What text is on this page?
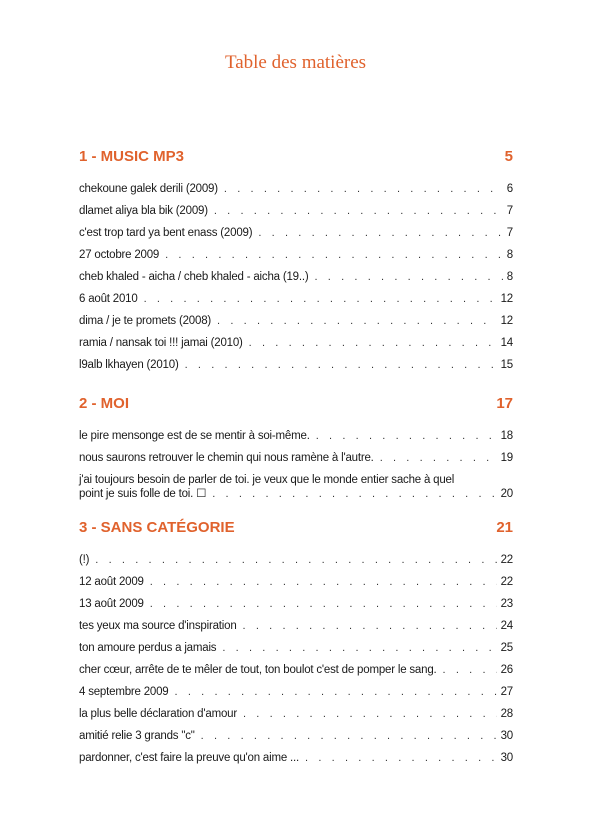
Table des matières
1 - MUSIC MP3	5
chekoune galek derili (2009) . . .	6
dlamet aliya bla bik (2009) . . .	7
c'est trop tard ya bent enass (2009) . . .	7
27 octobre 2009 . . .	8
cheb khaled - aicha / cheb khaled - aicha (19..) . . .	8
6 août 2010 . . .	12
dima / je te promets (2008) . . .	12
ramia / nansak toi !!! jamai (2010) . . .	14
l9alb lkhayen (2010) . . .	15
2 - MOI	17
le pire mensonge est de se mentir à soi-même. . . .	18
nous saurons retrouver le chemin qui nous ramène à l'autre. . . .	19
j'ai toujours besoin de parler de toi. je veux que le monde entier sache à quel
point je suis folle de toi. ☐ . . .	20
3 - SANS CATÉGORIE	21
(!) . . .	22
12 août 2009 . . .	22
13 août 2009 . . .	23
tes yeux ma source d'inspiration . . .	24
ton amoure perdus a jamais . . .	25
cher cœur, arrête de te mêler de tout, ton boulot c'est de pomper le sang. . . .	26
4 septembre 2009 . . .	27
la plus belle déclaration d'amour . . .	28
amitié relie 3 grands "c" . . .	30
pardonner, c'est faire la preuve qu'on aime ... . . .	30
